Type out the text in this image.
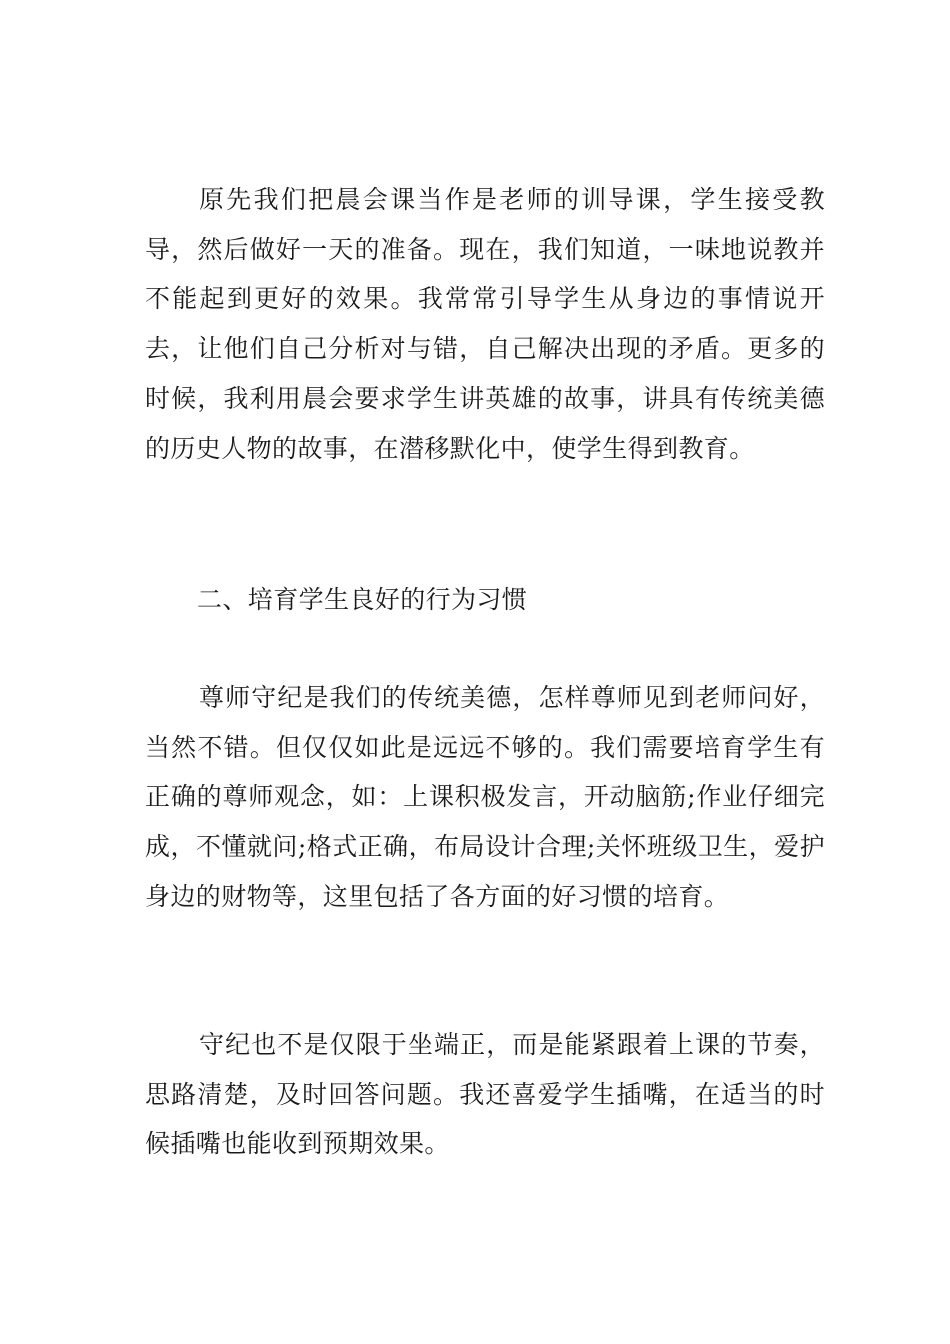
原先我们把晨会课当作是老师的训导课，学生接受教导，然后做好一天的准备。现在，我们知道，一味地说教并不能起到更好的效果。我常常引导学生从身边的事情说开去，让他们自己分析对与错，自己解决出现的矛盾。更多的时候，我利用晨会要求学生讲英雄的故事，讲具有传统美德的历史人物的故事，在潜移默化中，使学生得到教育。

二、培育学生良好的行为习惯

尊师守纪是我们的传统美德，怎样尊师见到老师问好，当然不错。但仅仅如此是远远不够的。我们需要培育学生有正确的尊师观念，如：上课积极发言，开动脑筋;作业仔细完成，不懂就问;格式正确，布局设计合理;关怀班级卫生，爱护身边的财物等，这里包括了各方面的好习惯的培育。

守纪也不是仅限于坐端正，而是能紧跟着上课的节奏，思路清楚，及时回答问题。我还喜爱学生插嘴，在适当的时候插嘴也能收到预期效果。
